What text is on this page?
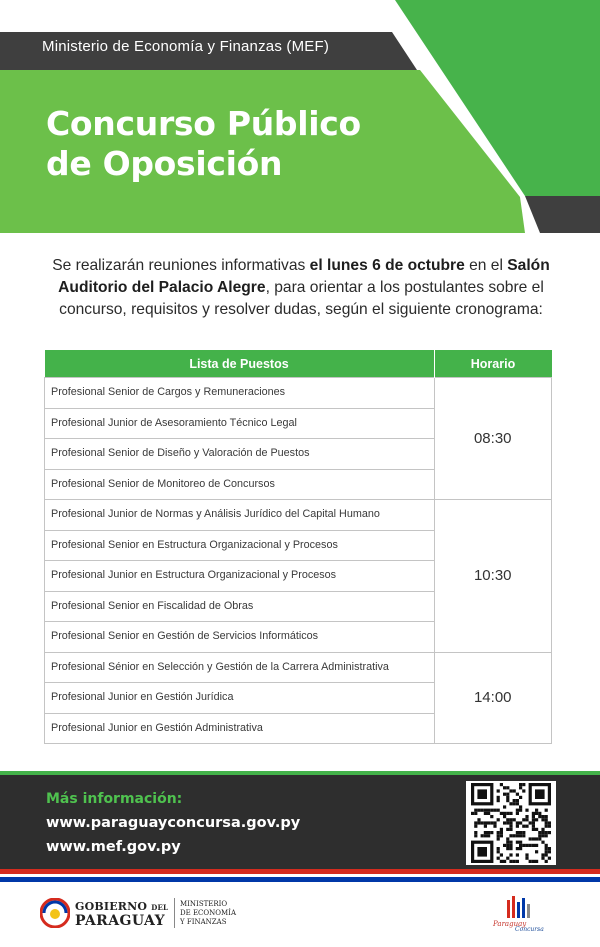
Ministerio de Economía y Finanzas (MEF)
Concurso Público
de Oposición

Se realizarán reuniones informativas el lunes 6 de octubre en el Salón Auditorio del Palacio Alegre, para orientar a los postulantes sobre el concurso, requisitos y resolver dudas, según el siguiente cronograma:

Lista de Puestos	Horario
Profesional Senior de Cargos y Remuneraciones	08:30
Profesional Junior de Asesoramiento Técnico Legal	
Profesional Senior de Diseño y Valoración de Puestos	
Profesional Senior de Monitoreo de Concursos	
Profesional Junior de Normas y Análisis Jurídico del Capital Humano	10:30
Profesional Senior en Estructura Organizacional y Procesos	
Profesional Junior en Estructura Organizacional y Procesos	
Profesional Senior en Fiscalidad de Obras	
Profesional Senior en Gestión de Servicios Informáticos	
Profesional Sénior en Selección y Gestión de la Carrera Administrativa	14:00
Profesional Junior en Gestión Jurídica	
Profesional Junior en Gestión Administrativa	
Más información:
www.paraguayconcursa.gov.py
www.mef.gov.py
GOBIERNO DEL
PARAGUAY
MINISTERIO
DE ECONOMÍA
Y FINANZAS	Paraguay
Concursa
